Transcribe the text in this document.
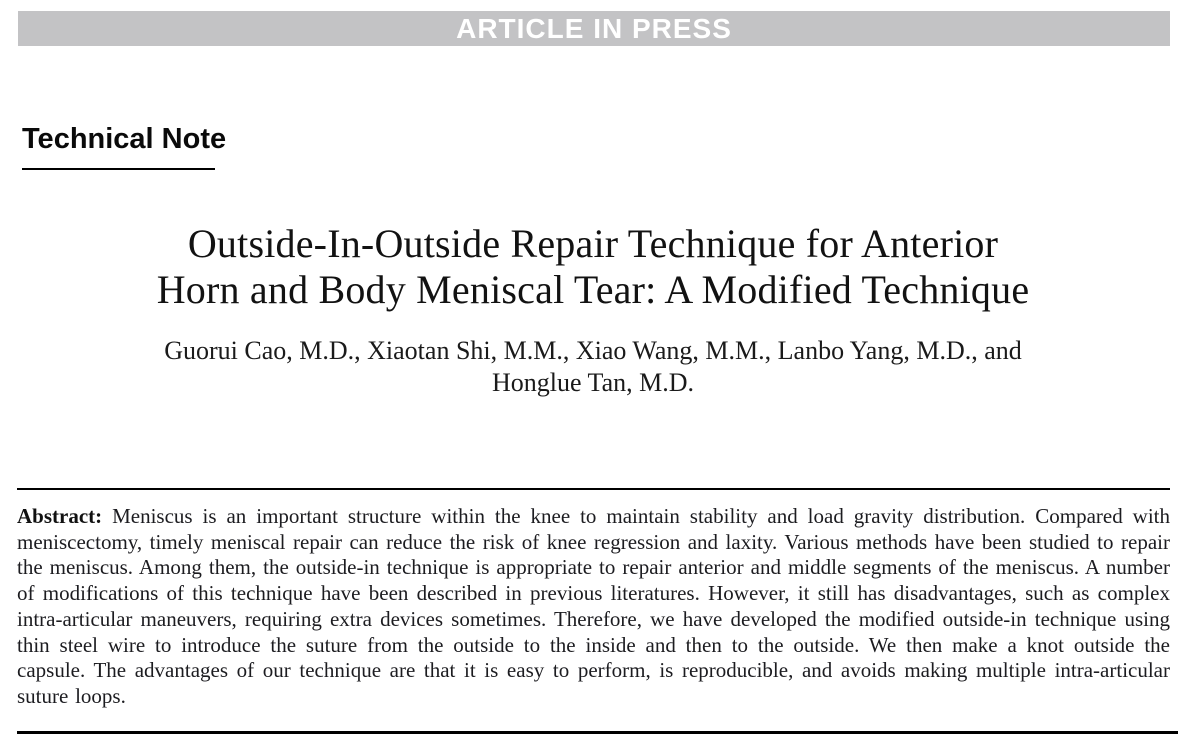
ARTICLE IN PRESS
Technical Note
Outside-In-Outside Repair Technique for Anterior
Horn and Body Meniscal Tear: A Modified Technique
Guorui Cao, M.D., Xiaotan Shi, M.M., Xiao Wang, M.M., Lanbo Yang, M.D., and
Honglue Tan, M.D.

Abstract: Meniscus is an important structure within the knee to maintain stability and load gravity distribution. Compared with meniscectomy, timely meniscal repair can reduce the risk of knee regression and laxity. Various methods have been studied to repair the meniscus. Among them, the outside-in technique is appropriate to repair anterior and middle segments of the meniscus. A number of modifications of this technique have been described in previous literatures. However, it still has disadvantages, such as complex intra-articular maneuvers, requiring extra devices sometimes. Therefore, we have developed the modified outside-in technique using thin steel wire to introduce the suture from the outside to the inside and then to the outside. We then make a knot outside the capsule. The advantages of our technique are that it is easy to perform, is reproducible, and avoids making multiple intra-articular suture loops.
